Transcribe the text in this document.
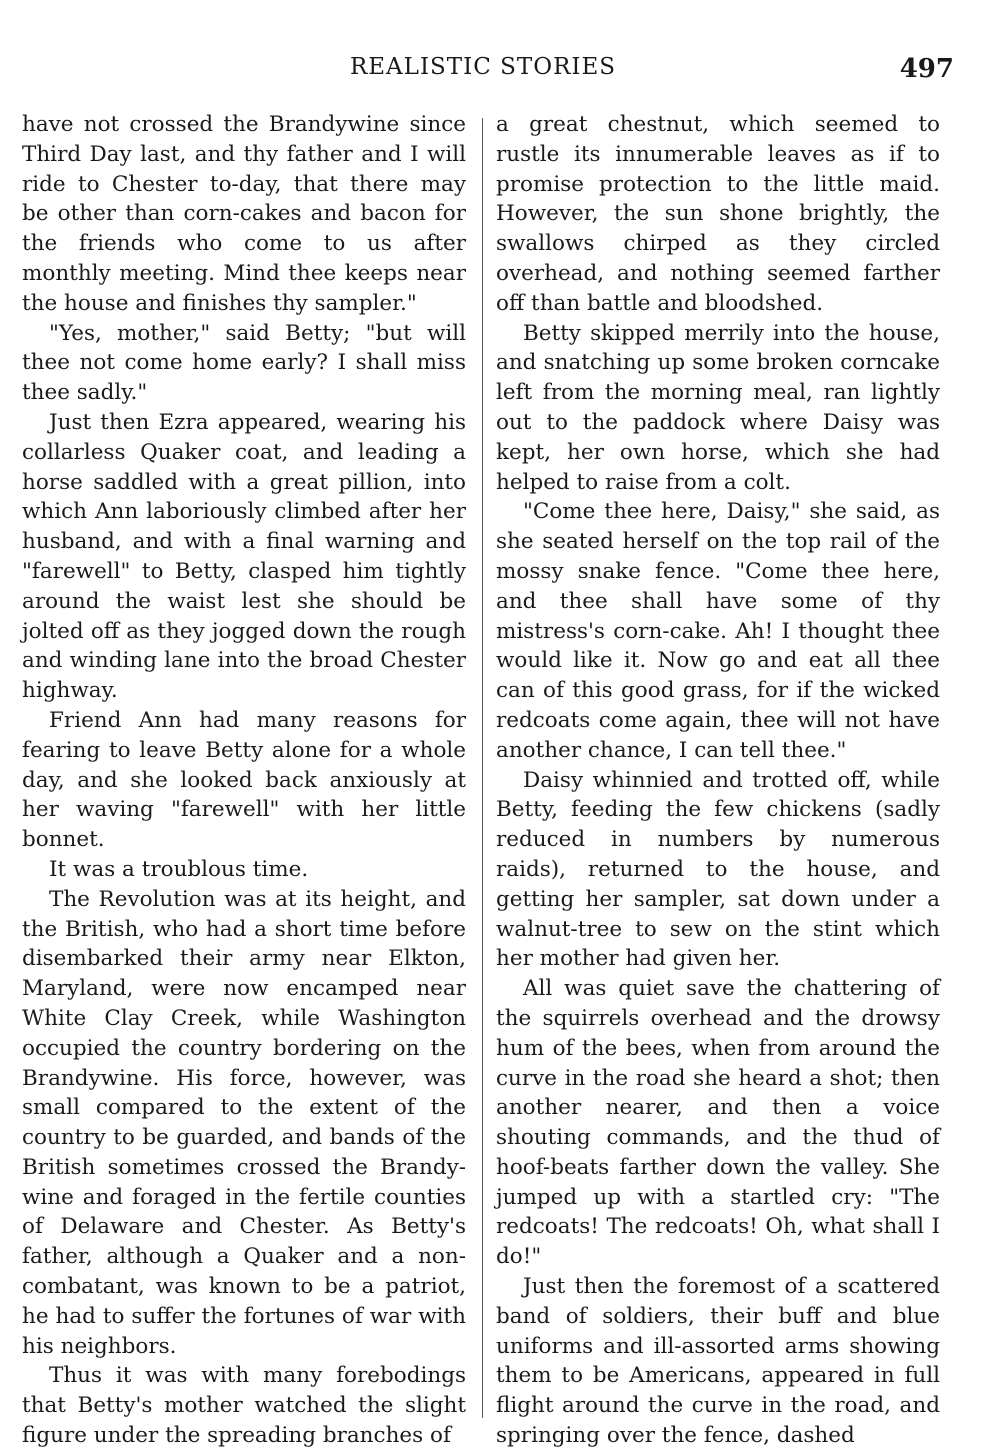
REALISTIC STORIES	497

have not crossed the Brandywine since Third Day last, and thy father and I will ride to Chester to-day, that there may be other than corn-cakes and bacon for the friends who come to us after monthly meeting. Mind thee keeps near the house and finishes thy sampler."

"Yes, mother," said Betty; "but will thee not come home early? I shall miss thee sadly."

Just then Ezra appeared, wearing his collarless Quaker coat, and leading a horse saddled with a great pillion, into which Ann laboriously climbed after her husband, and with a final warning and "farewell" to Betty, clasped him tightly around the waist lest she should be jolted off as they jogged down the rough and winding lane into the broad Chester highway.

Friend Ann had many reasons for fearing to leave Betty alone for a whole day, and she looked back anxiously at her waving "farewell" with her little bonnet.

It was a troublous time.

The Revolution was at its height, and the British, who had a short time before disembarked their army near Elkton, Maryland, were now encamped near White Clay Creek, while Washington occupied the country bordering on the Brandywine. His force, however, was small compared to the extent of the country to be guarded, and bands of the British sometimes crossed the Brandywine and foraged in the fertile counties of Delaware and Chester. As Betty's father, although a Quaker and a noncombatant, was known to be a patriot, he had to suffer the fortunes of war with his neighbors.

Thus it was with many forebodings that Betty's mother watched the slight figure under the spreading branches of

a great chestnut, which seemed to rustle its innumerable leaves as if to promise protection to the little maid. However, the sun shone brightly, the swallows chirped as they circled overhead, and nothing seemed farther off than battle and bloodshed.

Betty skipped merrily into the house, and snatching up some broken corncake left from the morning meal, ran lightly out to the paddock where Daisy was kept, her own horse, which she had helped to raise from a colt.

"Come thee here, Daisy," she said, as she seated herself on the top rail of the mossy snake fence. "Come thee here, and thee shall have some of thy mistress's corn-cake. Ah! I thought thee would like it. Now go and eat all thee can of this good grass, for if the wicked redcoats come again, thee will not have another chance, I can tell thee."

Daisy whinnied and trotted off, while Betty, feeding the few chickens (sadly reduced in numbers by numerous raids), returned to the house, and getting her sampler, sat down under a walnut-tree to sew on the stint which her mother had given her.

All was quiet save the chattering of the squirrels overhead and the drowsy hum of the bees, when from around the curve in the road she heard a shot; then another nearer, and then a voice shouting commands, and the thud of hoof-beats farther down the valley. She jumped up with a startled cry: "The redcoats! The redcoats! Oh, what shall I do!"

Just then the foremost of a scattered band of soldiers, their buff and blue uniforms and ill-assorted arms showing them to be Americans, appeared in full flight around the curve in the road, and springing over the fence, dashed
